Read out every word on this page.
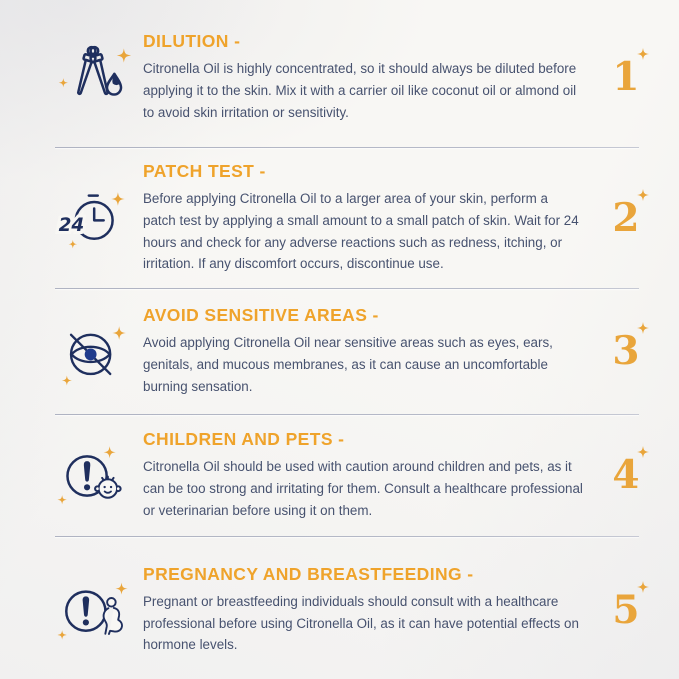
DILUTION -

Citronella Oil is highly concentrated, so it should always be diluted before applying it to the skin. Mix it with a carrier oil like coconut oil or almond oil to avoid skin irritation or sensitivity.

1
24
PATCH TEST -

Before applying Citronella Oil to a larger area of your skin, perform a patch test by applying a small amount to a small patch of skin. Wait for 24 hours and check for any adverse reactions such as redness, itching, or irritation. If any discomfort occurs, discontinue use.

2
AVOID SENSITIVE AREAS -

Avoid applying Citronella Oil near sensitive areas such as eyes, ears, genitals, and mucous membranes, as it can cause an uncomfortable burning sensation.

3
CHILDREN AND PETS -

Citronella Oil should be used with caution around children and pets, as it can be too strong and irritating for them. Consult a healthcare professional or veterinarian before using it on them.

4
PREGNANCY AND BREASTFEEDING -

Pregnant or breastfeeding individuals should consult with a healthcare professional before using Citronella Oil, as it can have potential effects on hormone levels.

5
